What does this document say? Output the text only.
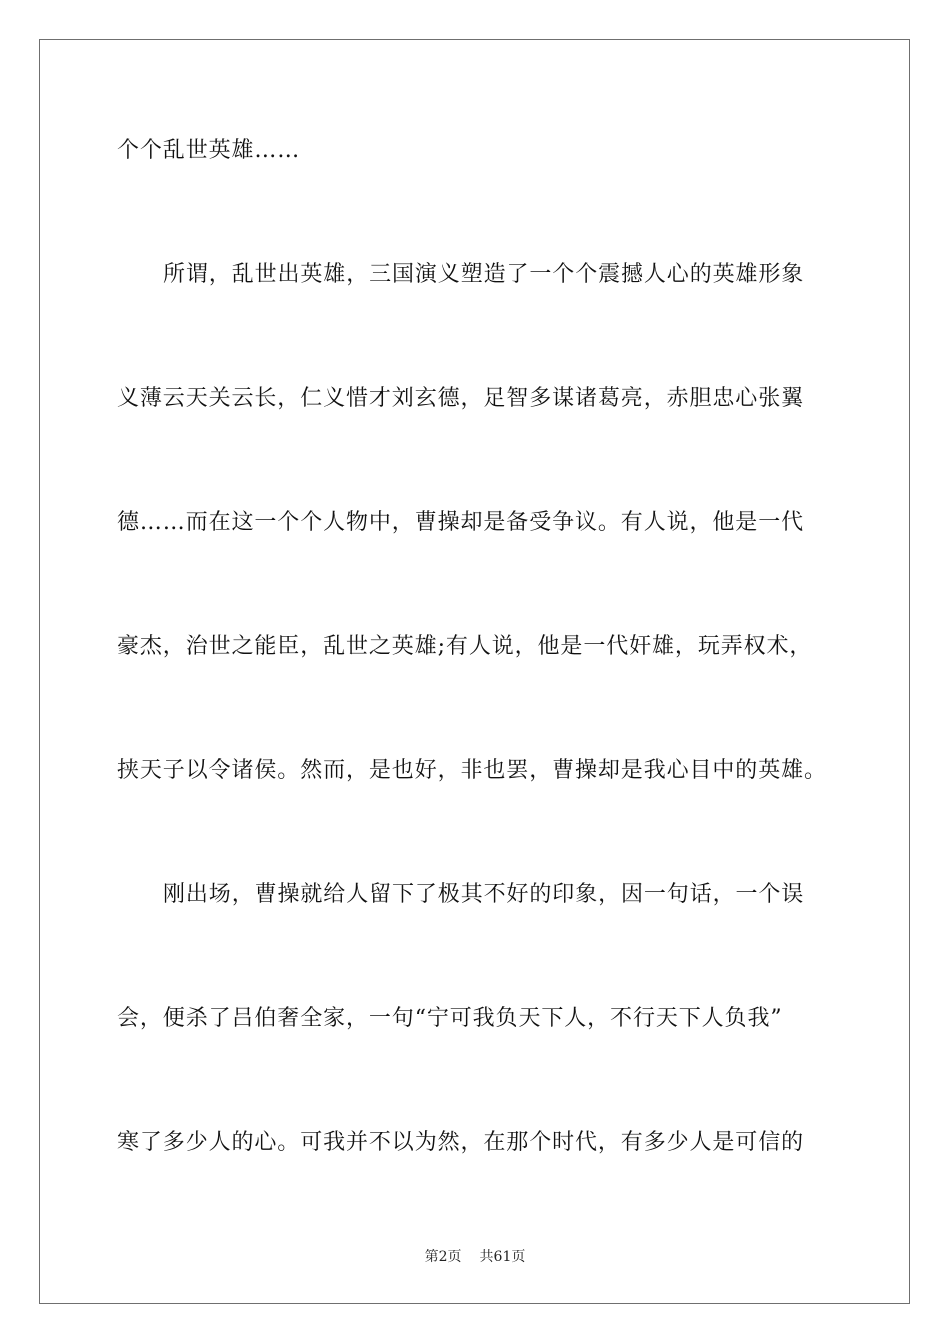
个个乱世英雄……
所谓，乱世出英雄，三国演义塑造了一个个震撼人心的英雄形象
义薄云天关云长，仁义惜才刘玄德，足智多谋诸葛亮，赤胆忠心张翼
德……而在这一个个人物中，曹操却是备受争议。有人说，他是一代
豪杰，治世之能臣，乱世之英雄;有人说，他是一代奸雄，玩弄权术，
挟天子以令诸侯。然而，是也好，非也罢，曹操却是我心目中的英雄。
刚出场，曹操就给人留下了极其不好的印象，因一句话，一个误
会，便杀了吕伯奢全家，一句“宁可我负天下人，不行天下人负我”
寒了多少人的心。可我并不以为然，在那个时代，有多少人是可信的
第2页 共61页
